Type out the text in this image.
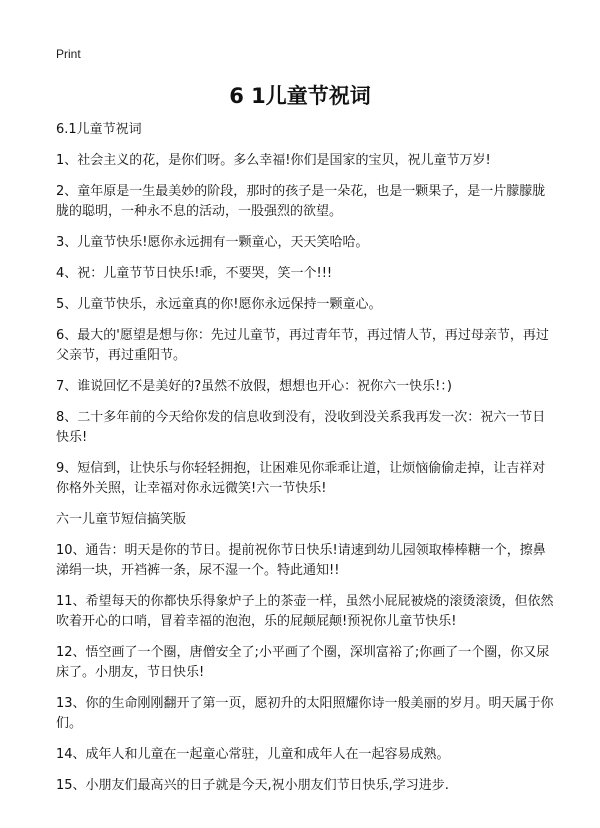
Print
6 1儿童节祝词
6.1儿童节祝词

1、社会主义的花，是你们呀。多么幸福!你们是国家的宝贝，祝儿童节万岁!

2、童年原是一生最美妙的阶段，那时的孩子是一朵花，也是一颗果子，是一片朦朦胧胧的聪明，一种永不息的活动，一股强烈的欲望。

3、儿童节快乐!愿你永远拥有一颗童心，天天笑哈哈。

4、祝：儿童节节日快乐!乖，不要哭，笑一个!!!

5、儿童节快乐，永远童真的你!愿你永远保持一颗童心。

6、最大的'愿望是想与你：先过儿童节，再过青年节，再过情人节，再过母亲节，再过父亲节，再过重阳节。

7、谁说回忆不是美好的?虽然不放假，想想也开心：祝你六一快乐!：)

8、二十多年前的今天给你发的信息收到没有，没收到没关系我再发一次：祝六一节日快乐!

9、短信到，让快乐与你轻轻拥抱，让困难见你乖乖让道，让烦恼偷偷走掉，让吉祥对你格外关照，让幸福对你永远微笑!六一节快乐!

六一儿童节短信搞笑版

10、通告：明天是你的节日。提前祝你节日快乐!请速到幼儿园领取棒棒糖一个，擦鼻涕绢一块，开裆裤一条，尿不湿一个。特此通知!!

11、希望每天的你都快乐得象炉子上的茶壶一样，虽然小屁屁被烧的滚烫滚烫，但依然吹着开心的口哨，冒着幸福的泡泡，乐的屁颠屁颠!预祝你儿童节快乐!

12、悟空画了一个圈，唐僧安全了;小平画了个圈，深圳富裕了;你画了一个圈，你又尿床了。小朋友，节日快乐!

13、你的生命刚刚翻开了第一页，愿初升的太阳照耀你诗一般美丽的岁月。明天属于你们。

14、成年人和儿童在一起童心常驻，儿童和成年人在一起容易成熟。

15、小朋友们最高兴的日子就是今天,祝小朋友们节日快乐,学习进步.
